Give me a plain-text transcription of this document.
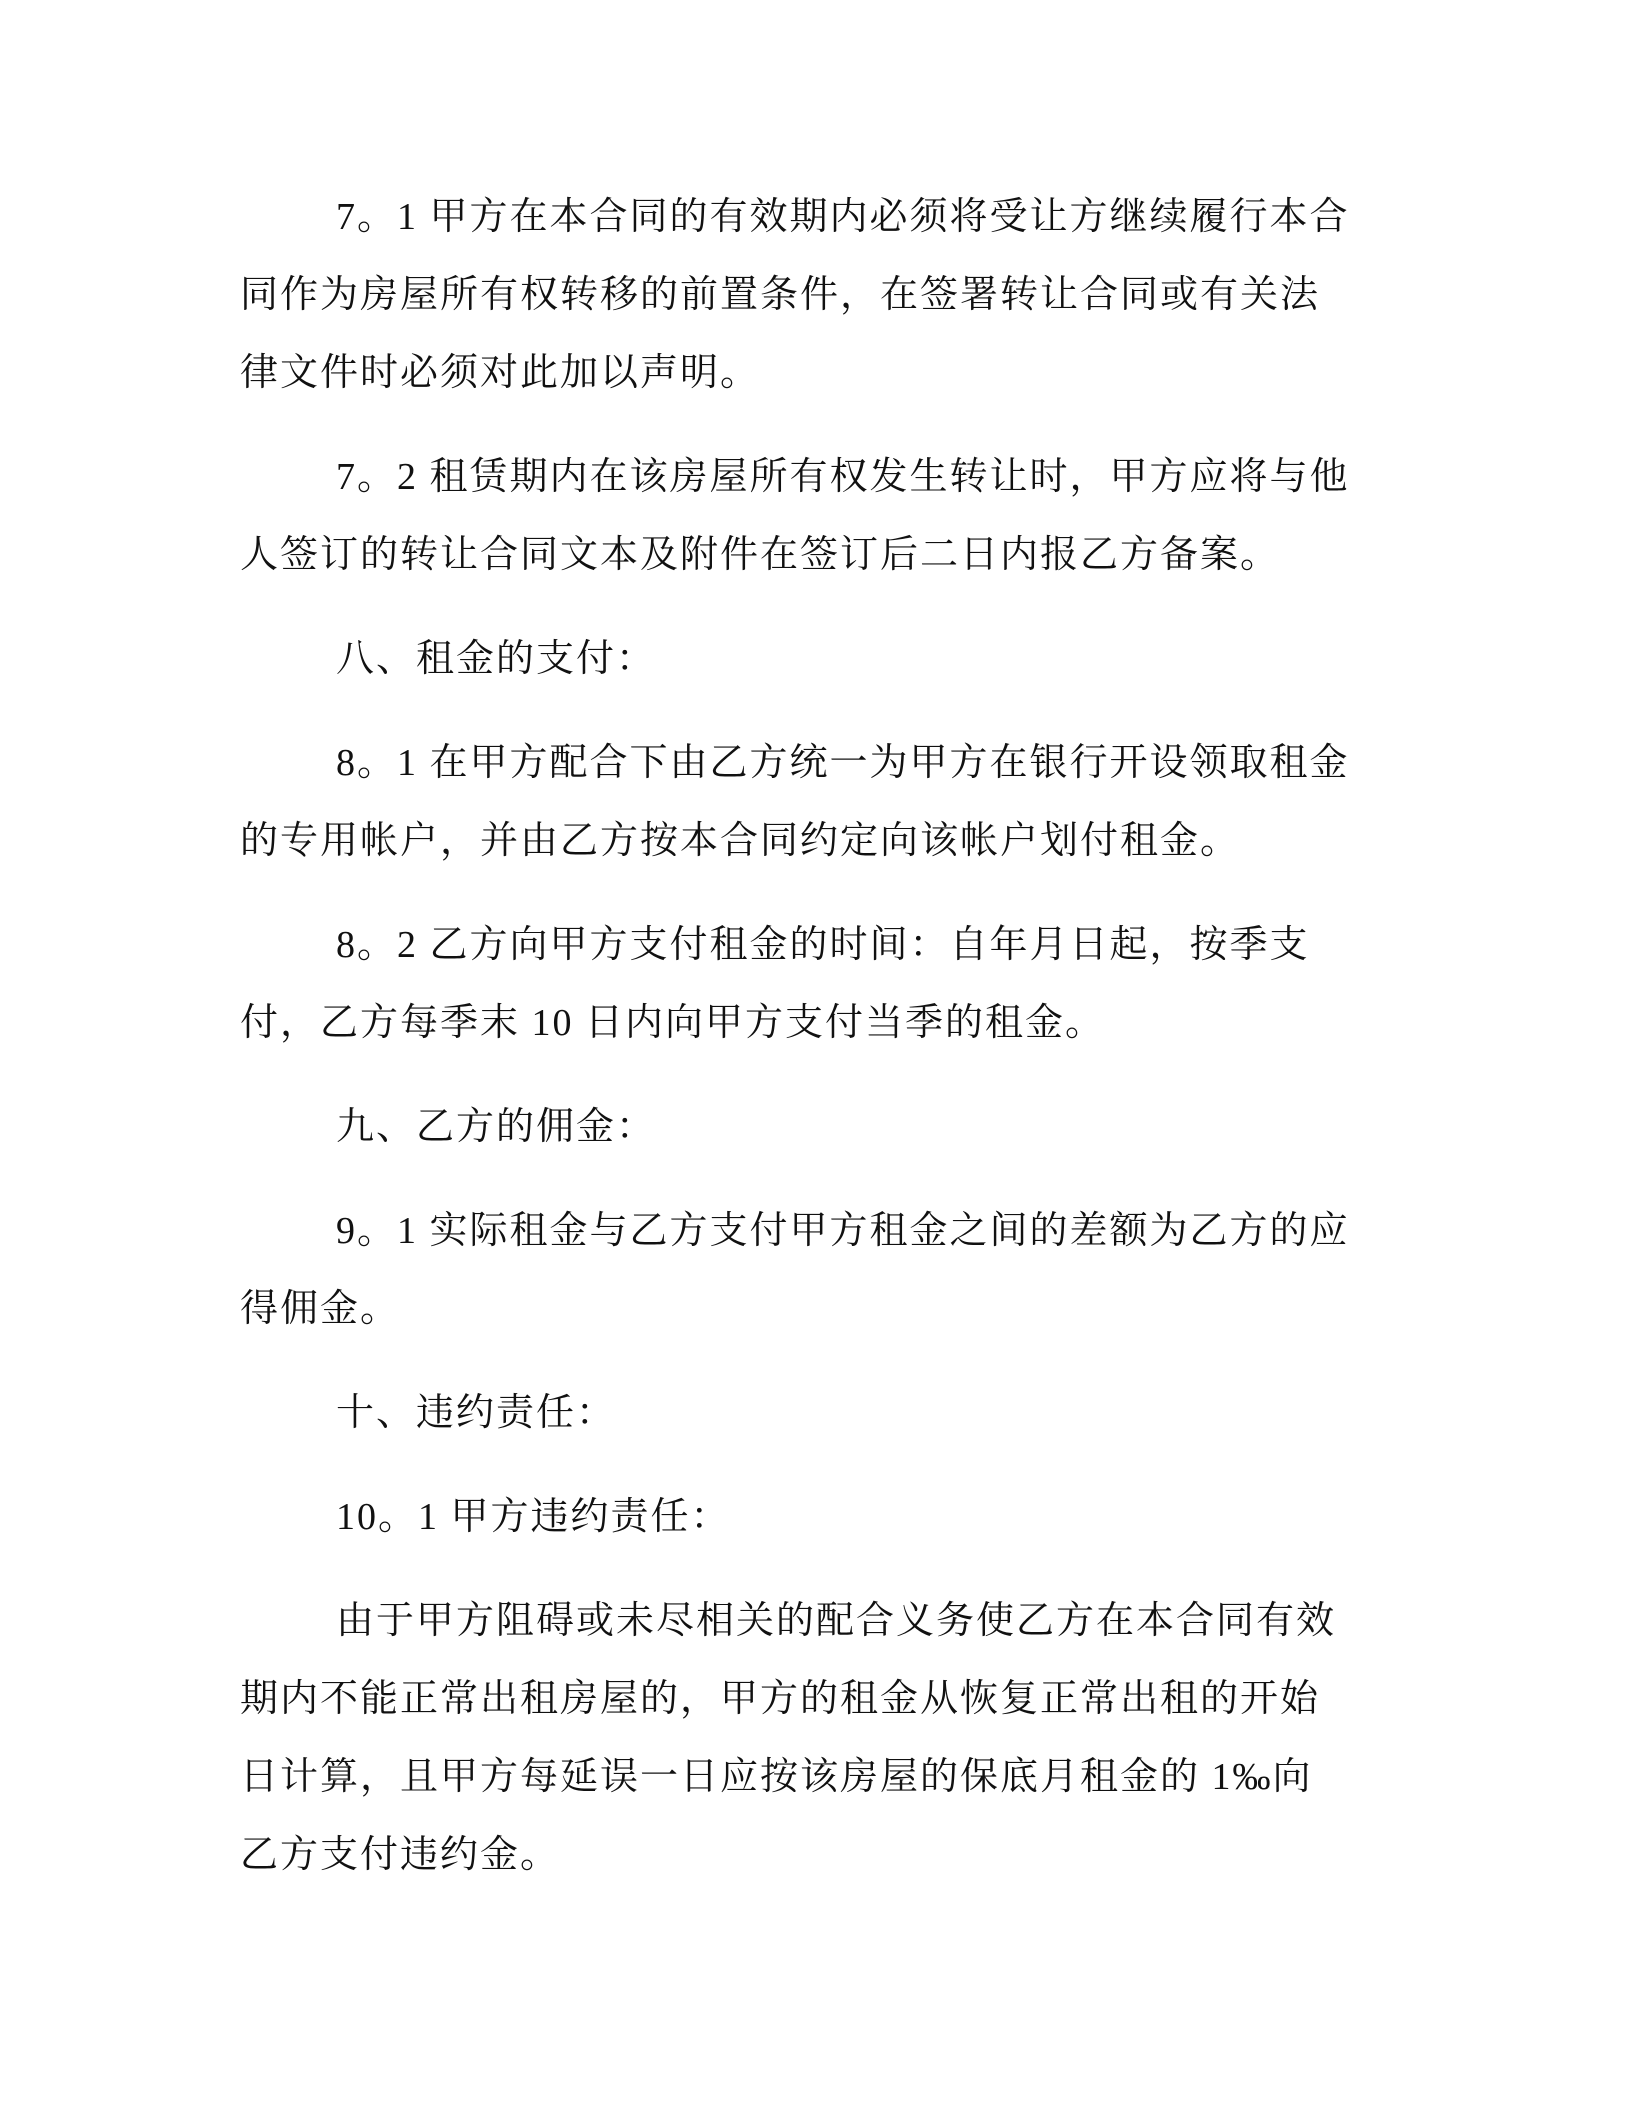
7。1 甲方在本合同的有效期内必须将受让方继续履行本合同作为房屋所有权转移的前置条件，在签署转让合同或有关法律文件时必须对此加以声明。

7。2 租赁期内在该房屋所有权发生转让时，甲方应将与他人签订的转让合同文本及附件在签订后二日内报乙方备案。

八、租金的支付：

8。1 在甲方配合下由乙方统一为甲方在银行开设领取租金的专用帐户，并由乙方按本合同约定向该帐户划付租金。

8。2 乙方向甲方支付租金的时间：自年月日起，按季支付，乙方每季末 10 日内向甲方支付当季的租金。

九、乙方的佣金：

9。1 实际租金与乙方支付甲方租金之间的差额为乙方的应得佣金。

十、违约责任：

10。1 甲方违约责任：

由于甲方阻碍或未尽相关的配合义务使乙方在本合同有效期内不能正常出租房屋的，甲方的租金从恢复正常出租的开始日计算，且甲方每延误一日应按该房屋的保底月租金的 1‰向乙方支付违约金。
